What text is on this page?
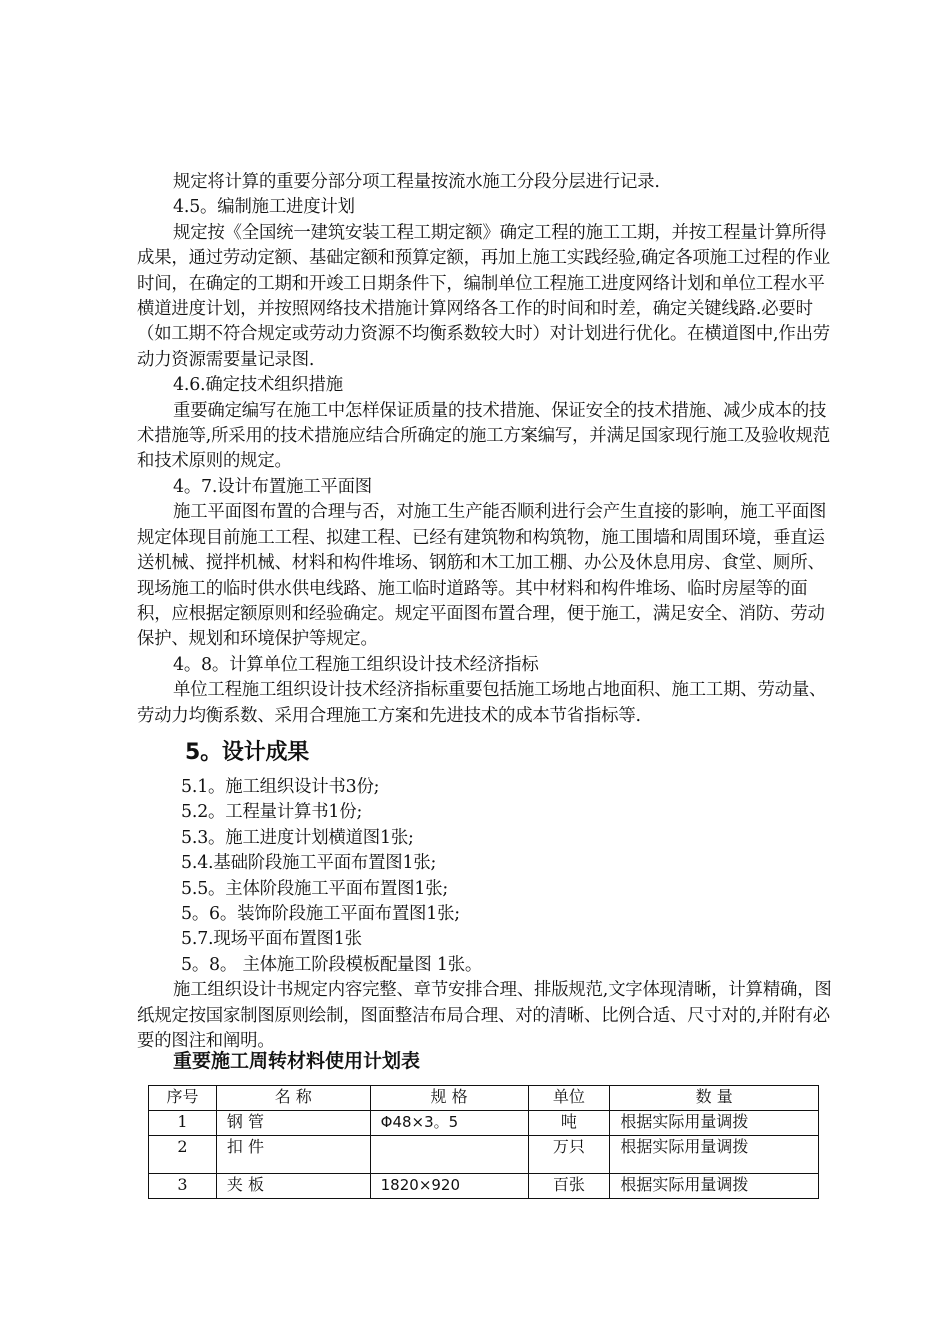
规定将计算的重要分部分项工程量按流水施工分段分层进行记录.

4.5。编制施工进度计划

规定按《全国统一建筑安装工程工期定额》确定工程的施工工期，并按工程量计算所得成果，通过劳动定额、基础定额和预算定额，再加上施工实践经验,确定各项施工过程的作业时间，在确定的工期和开竣工日期条件下，编制单位工程施工进度网络计划和单位工程水平横道进度计划，并按照网络技术措施计算网络各工作的时间和时差，确定关键线路.必要时（如工期不符合规定或劳动力资源不均衡系数较大时）对计划进行优化。在横道图中,作出劳动力资源需要量记录图.

4.6.确定技术组织措施

重要确定编写在施工中怎样保证质量的技术措施、保证安全的技术措施、减少成本的技术措施等,所采用的技术措施应结合所确定的施工方案编写，并满足国家现行施工及验收规范和技术原则的规定。

4。7.设计布置施工平面图

施工平面图布置的合理与否，对施工生产能否顺利进行会产生直接的影响，施工平面图规定体现目前施工工程、拟建工程、已经有建筑物和构筑物，施工围墙和周围环境，垂直运送机械、搅拌机械、材料和构件堆场、钢筋和木工加工棚、办公及休息用房、食堂、厕所、现场施工的临时供水供电线路、施工临时道路等。其中材料和构件堆场、临时房屋等的面积，应根据定额原则和经验确定。规定平面图布置合理，便于施工，满足安全、消防、劳动保护、规划和环境保护等规定。

4。8。计算单位工程施工组织设计技术经济指标

单位工程施工组织设计技术经济指标重要包括施工场地占地面积、施工工期、劳动量、劳动力均衡系数、采用合理施工方案和先进技术的成本节省指标等.

5。设计成果

5.1。施工组织设计书3份;

5.2。工程量计算书1份;

5.3。施工进度计划横道图1张;

5.4.基础阶段施工平面布置图1张;

5.5。主体阶段施工平面布置图1张;

5。6。装饰阶段施工平面布置图1张;

5.7.现场平面布置图1张

5。8。 主体施工阶段模板配量图 1张。

施工组织设计书规定内容完整、章节安排合理、排版规范,文字体现清晰，计算精确，图纸规定按国家制图原则绘制，图面整洁布局合理、对的清晰、比例合适、尺寸对的,并附有必要的图注和阐明。

重要施工周转材料使用计划表
序号	名 称	规 格	单位	数 量
1	钢 管	Φ48×3。5	吨	根据实际用量调拨
2	扣 件		万只	根据实际用量调拨
3	夹 板	1820×920	百张	根据实际用量调拨
